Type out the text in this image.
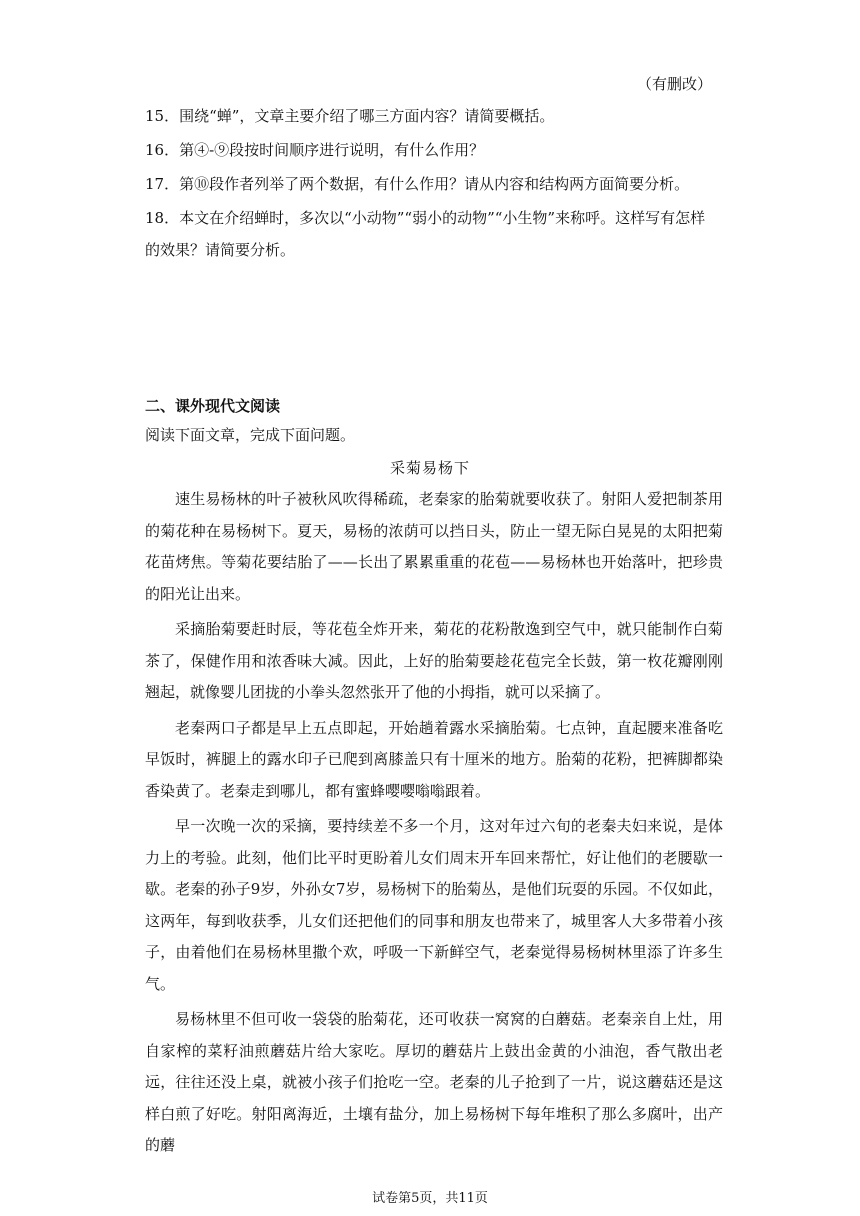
（有删改）
15．围绕“蝉”，文章主要介绍了哪三方面内容？请简要概括。
16．第④-⑨段按时间顺序进行说明，有什么作用？
17．第⑩段作者列举了两个数据，有什么作用？请从内容和结构两方面简要分析。
18．本文在介绍蝉时，多次以“小动物”“弱小的动物”“小生物”来称呼。这样写有怎样的效果？请简要分析。
二、课外现代文阅读
阅读下面文章，完成下面问题。
采菊易杨下

速生易杨林的叶子被秋风吹得稀疏，老秦家的胎菊就要收获了。射阳人爱把制茶用的菊花种在易杨树下。夏天，易杨的浓荫可以挡日头，防止一望无际白晃晃的太阳把菊花苗烤焦。等菊花要结胎了——长出了累累重重的花苞——易杨林也开始落叶，把珍贵的阳光让出来。

采摘胎菊要赶时辰，等花苞全炸开来，菊花的花粉散逸到空气中，就只能制作白菊茶了，保健作用和浓香味大减。因此，上好的胎菊要趁花苞完全长鼓，第一枚花瓣刚刚翘起，就像婴儿团拢的小拳头忽然张开了他的小拇指，就可以采摘了。

老秦两口子都是早上五点即起，开始趟着露水采摘胎菊。七点钟，直起腰来准备吃早饭时，裤腿上的露水印子已爬到离膝盖只有十厘米的地方。胎菊的花粉，把裤脚都染香染黄了。老秦走到哪儿，都有蜜蜂嘤嘤嗡嗡跟着。

早一次晚一次的采摘，要持续差不多一个月，这对年过六旬的老秦夫妇来说，是体力上的考验。此刻，他们比平时更盼着儿女们周末开车回来帮忙，好让他们的老腰歇一歇。老秦的孙子9岁，外孙女7岁，易杨树下的胎菊丛，是他们玩耍的乐园。不仅如此，这两年，每到收获季，儿女们还把他们的同事和朋友也带来了，城里客人大多带着小孩子，由着他们在易杨林里撒个欢，呼吸一下新鲜空气，老秦觉得易杨树林里添了许多生气。

易杨林里不但可收一袋袋的胎菊花，还可收获一窝窝的白蘑菇。老秦亲自上灶，用自家榨的菜籽油煎蘑菇片给大家吃。厚切的蘑菇片上鼓出金黄的小油泡，香气散出老远，往往还没上桌，就被小孩子们抢吃一空。老秦的儿子抢到了一片，说这蘑菇还是这样白煎了好吃。射阳离海近，土壤有盐分，加上易杨树下每年堆积了那么多腐叶，出产的蘑

试卷第5页，共11页
